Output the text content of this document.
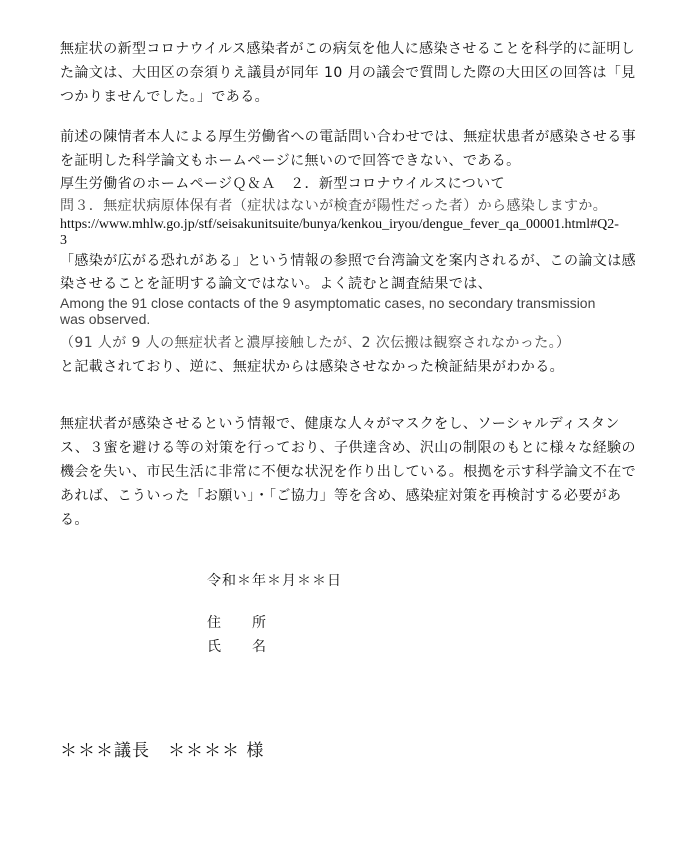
無症状の新型コロナウイルス感染者がこの病気を他人に感染させることを科学的に証明し
た論文は、大田区の奈須りえ議員が同年 10 月の議会で質問した際の大田区の回答は「見
つかりませんでした。」である。

前述の陳情者本人による厚生労働省への電話問い合わせでは、無症状患者が感染させる事
を証明した科学論文もホームページに無いので回答できない、である。
厚生労働省のホームページＱ＆Ａ　２．新型コロナウイルスについて
問３．無症状病原体保有者（症状はないが検査が陽性だった者）から感染しますか。
https://www.mhlw.go.jp/stf/seisakunitsuite/bunya/kenkou_iryou/dengue_fever_qa_00001.html#Q2-
3
「感染が広がる恐れがある」という情報の参照で台湾論文を案内されるが、この論文は感
染させることを証明する論文ではない。よく読むと調査結果では、
Among the 91 close contacts of the 9 asymptomatic cases, no secondary transmission
was observed.
（91 人が 9 人の無症状者と濃厚接触したが、2 次伝搬は観察されなかった。）
と記載されており、逆に、無症状からは感染させなかった検証結果がわかる。

無症状者が感染させるという情報で、健康な人々がマスクをし、ソーシャルディスタン
ス、３蜜を避ける等の対策を行っており、子供達含め、沢山の制限のもとに様々な経験の
機会を失い、市民生活に非常に不便な状況を作り出している。根拠を示す科学論文不在で
あれば、こういった「お願い」・「ご協力」等を含め、感染症対策を再検討する必要があ
る。

令和＊年＊月＊＊日
住　　所
氏　　名
＊＊＊議長　＊＊＊＊ 様
